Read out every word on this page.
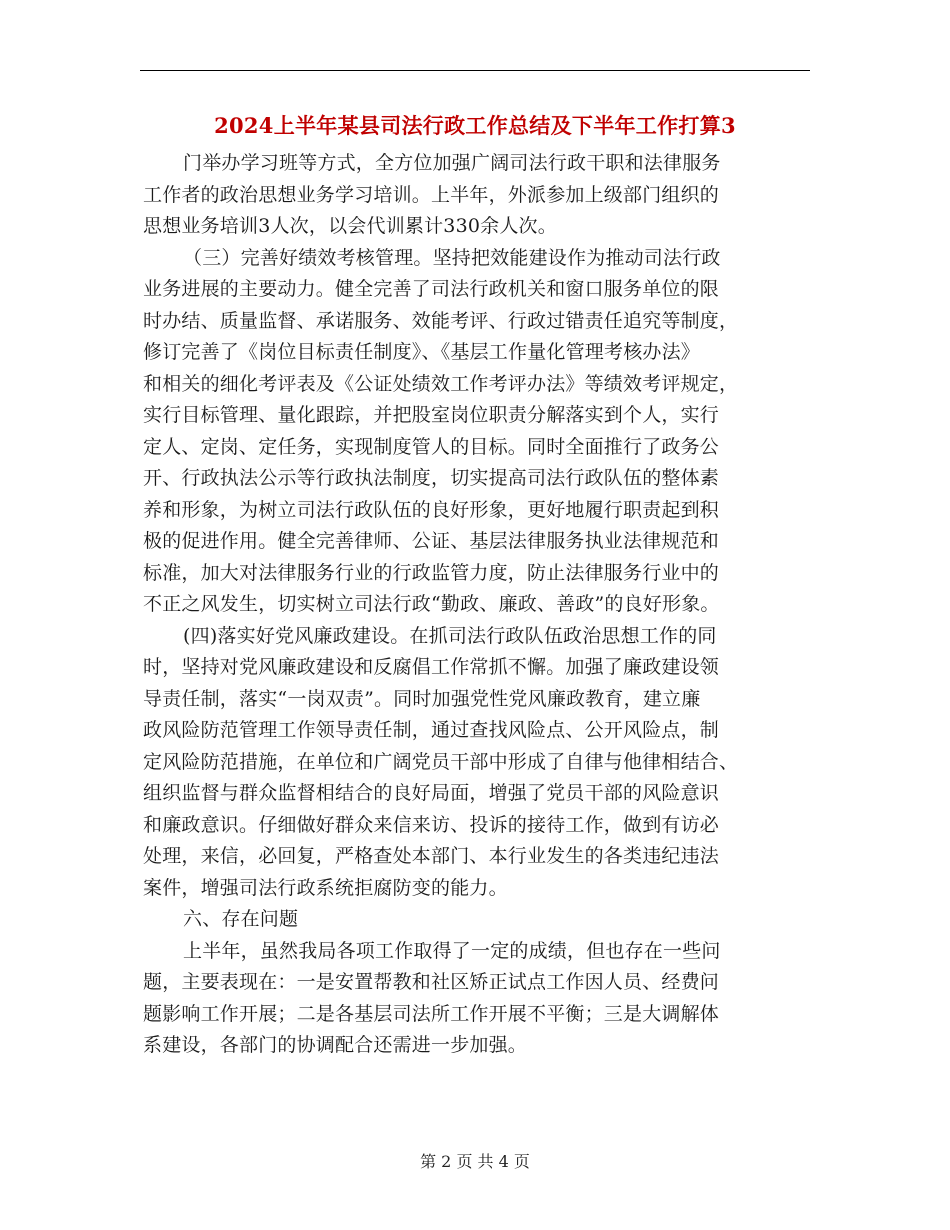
2024上半年某县司法行政工作总结及下半年工作打算3
门举办学习班等方式，全方位加强广阔司法行政干职和法律服务
工作者的政治思想业务学习培训。上半年，外派参加上级部门组织的
思想业务培训3人次，以会代训累计330余人次。
（三）完善好绩效考核管理。坚持把效能建设作为推动司法行政
业务进展的主要动力。健全完善了司法行政机关和窗口服务单位的限
时办结、质量监督、承诺服务、效能考评、行政过错责任追究等制度，
修订完善了《岗位目标责任制度》、《基层工作量化管理考核办法》
和相关的细化考评表及《公证处绩效工作考评办法》等绩效考评规定，
实行目标管理、量化跟踪，并把股室岗位职责分解落实到个人，实行
定人、定岗、定任务，实现制度管人的目标。同时全面推行了政务公
开、行政执法公示等行政执法制度，切实提高司法行政队伍的整体素
养和形象，为树立司法行政队伍的良好形象，更好地履行职责起到积
极的促进作用。健全完善律师、公证、基层法律服务执业法律规范和
标准，加大对法律服务行业的行政监管力度，防止法律服务行业中的
不正之风发生，切实树立司法行政“勤政、廉政、善政”的良好形象。
(四)落实好党风廉政建设。在抓司法行政队伍政治思想工作的同
时，坚持对党风廉政建设和反腐倡工作常抓不懈。加强了廉政建设领
导责任制，落实“一岗双责”。同时加强党性党风廉政教育，建立廉
政风险防范管理工作领导责任制，通过查找风险点、公开风险点，制
定风险防范措施，在单位和广阔党员干部中形成了自律与他律相结合、
组织监督与群众监督相结合的良好局面，增强了党员干部的风险意识
和廉政意识。仔细做好群众来信来访、投诉的接待工作，做到有访必
处理，来信，必回复，严格查处本部门、本行业发生的各类违纪违法
案件，增强司法行政系统拒腐防变的能力。
六、存在问题
上半年，虽然我局各项工作取得了一定的成绩，但也存在一些问
题，主要表现在：一是安置帮教和社区矫正试点工作因人员、经费问
题影响工作开展；二是各基层司法所工作开展不平衡；三是大调解体
系建设，各部门的协调配合还需进一步加强。
第 2 页 共 4 页
